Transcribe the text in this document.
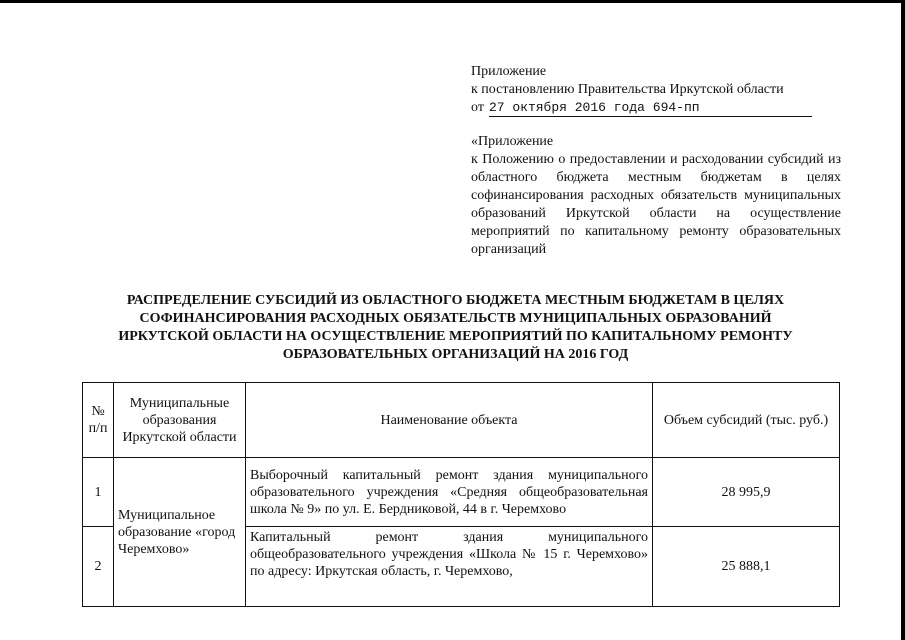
Приложение
к постановлению Правительства Иркутской области
от 27 октября 2016 года 694-пп
«Приложение
к Положению о предоставлении и расходовании субсидий из областного бюджета местным бюджетам в целях софинансирования расходных обязательств муниципальных образований Иркутской области на осуществление мероприятий по капитальному ремонту образовательных организаций
РАСПРЕДЕЛЕНИЕ СУБСИДИЙ ИЗ ОБЛАСТНОГО БЮДЖЕТА МЕСТНЫМ БЮДЖЕТАМ В ЦЕЛЯХ СОФИНАНСИРОВАНИЯ РАСХОДНЫХ ОБЯЗАТЕЛЬСТВ МУНИЦИПАЛЬНЫХ ОБРАЗОВАНИЙ ИРКУТСКОЙ ОБЛАСТИ НА ОСУЩЕСТВЛЕНИЕ МЕРОПРИЯТИЙ ПО КАПИТАЛЬНОМУ РЕМОНТУ ОБРАЗОВАТЕЛЬНЫХ ОРГАНИЗАЦИЙ НА 2016 ГОД
№ п/п	Муниципальные образования Иркутской области	Наименование объекта	Объем субсидий (тыс. руб.)
1	Муниципальное образование «город Черемхово»	Выборочный капитальный ремонт здания муниципального образовательного учреждения «Средняя общеобразовательная школа № 9» по ул. Е. Бердниковой, 44 в г. Черемхово	28 995,9
2		Капитальный ремонт здания муниципального общеобразовательного учреждения «Школа № 15 г. Черемхово» по адресу: Иркутская область, г. Черемхово,	25 888,1
